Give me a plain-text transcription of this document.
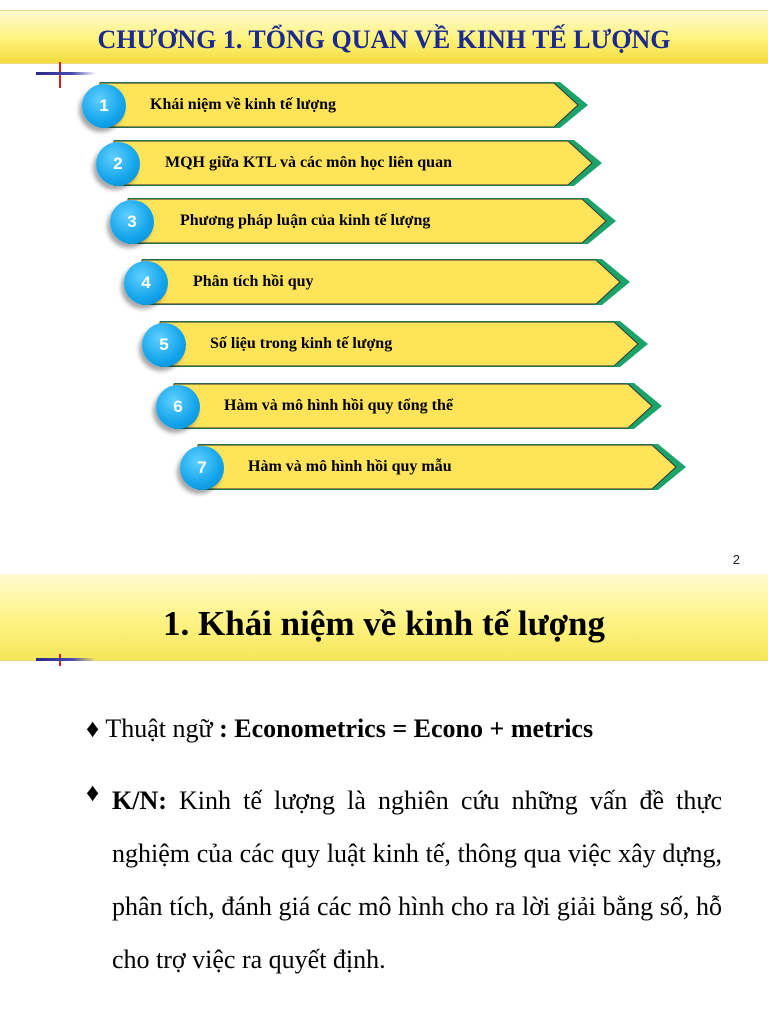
CHƯƠNG 1. TỔNG QUAN VỀ KINH TẾ LƯỢNG
Khái niệm về kinh tế lượng
1
MQH giữa KTL và các môn học liên quan
2
Phương pháp luận của kinh tế lượng
3
Phân tích hồi quy
4
Số liệu trong kinh tế lượng
5
Hàm và mô hình hồi quy tổng thể
6
Hàm và mô hình hồi quy mẫu
7
2
1. Khái niệm về kinh tế lượng
♦ Thuật ngữ : Econometrics = Econo + metrics
♦ K/N: Kinh tế lượng là nghiên cứu những vấn đề thực nghiệm của các quy luật kinh tế, thông qua việc xây dựng, phân tích, đánh giá các mô hình cho ra lời giải bằng số, hỗ cho trợ việc ra quyết định.
